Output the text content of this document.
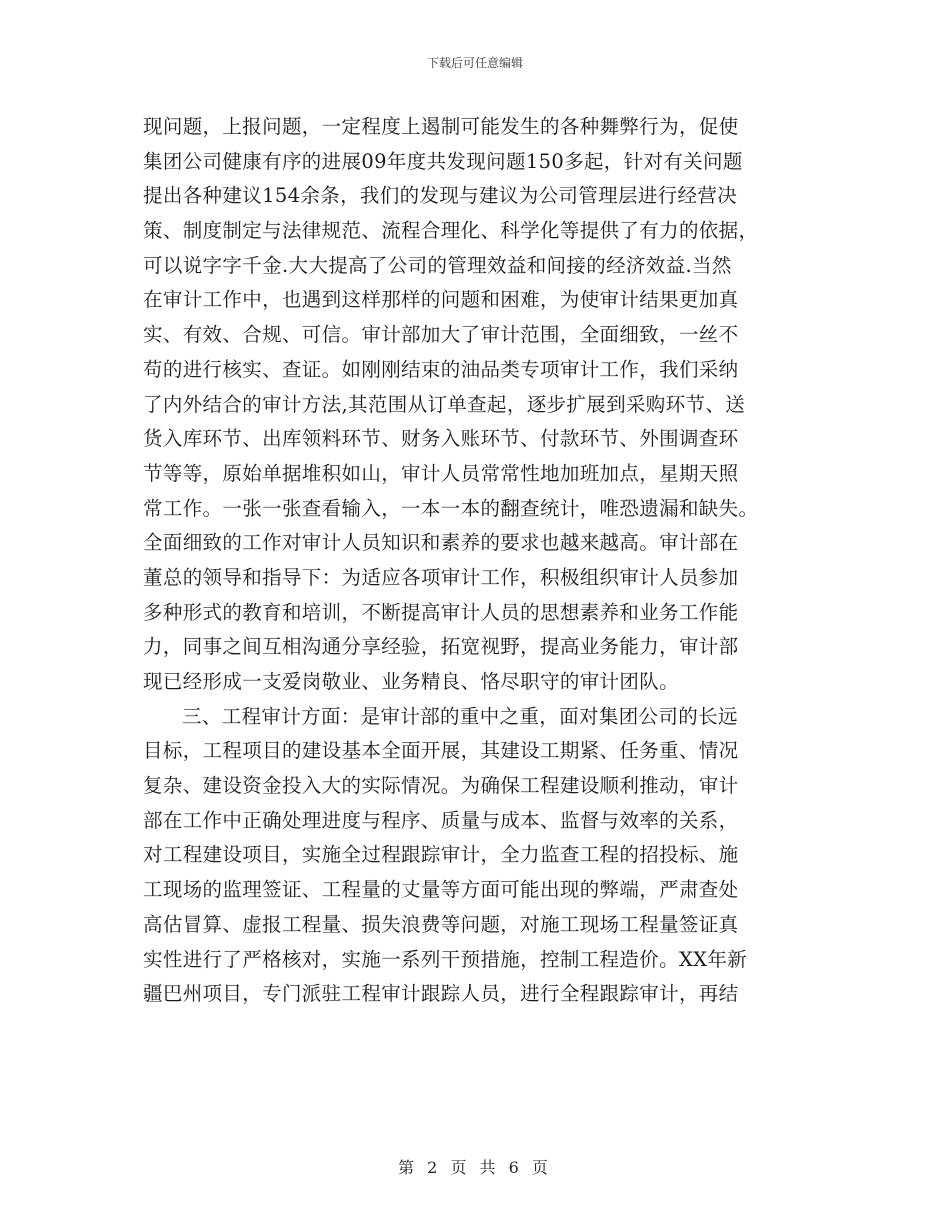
下载后可任意编辑
现问题，上报问题，一定程度上遏制可能发生的各种舞弊行为，促使
集团公司健康有序的进展09年度共发现问题150多起，针对有关问题
提出各种建议154余条，我们的发现与建议为公司管理层进行经营决
策、制度制定与法律规范、流程合理化、科学化等提供了有力的依据，
可以说字字千金.大大提高了公司的管理效益和间接的经济效益.当然
在审计工作中，也遇到这样那样的问题和困难，为使审计结果更加真
实、有效、合规、可信。审计部加大了审计范围，全面细致，一丝不
苟的进行核实、查证。如刚刚结束的油品类专项审计工作，我们采纳
了内外结合的审计方法,其范围从订单查起，逐步扩展到采购环节、送
货入库环节、出库领料环节、财务入账环节、付款环节、外围调查环
节等等，原始单据堆积如山，审计人员常常性地加班加点，星期天照
常工作。一张一张查看输入，一本一本的翻查统计，唯恐遗漏和缺失。
全面细致的工作对审计人员知识和素养的要求也越来越高。审计部在
董总的领导和指导下：为适应各项审计工作，积极组织审计人员参加
多种形式的教育和培训，不断提高审计人员的思想素养和业务工作能
力，同事之间互相沟通分享经验，拓宽视野，提高业务能力，审计部
现已经形成一支爱岗敬业、业务精良、恪尽职守的审计团队。
三、工程审计方面：是审计部的重中之重，面对集团公司的长远
目标，工程项目的建设基本全面开展，其建设工期紧、任务重、情况
复杂、建设资金投入大的实际情况。为确保工程建设顺利推动，审计
部在工作中正确处理进度与程序、质量与成本、监督与效率的关系，
对工程建设项目，实施全过程跟踪审计，全力监查工程的招投标、施
工现场的监理签证、工程量的丈量等方面可能出现的弊端，严肃查处
高估冒算、虚报工程量、损失浪费等问题，对施工现场工程量签证真
实性进行了严格核对，实施一系列干预措施，控制工程造价。XX年新
疆巴州项目，专门派驻工程审计跟踪人员，进行全程跟踪审计，再结
第 2 页 共 6 页
